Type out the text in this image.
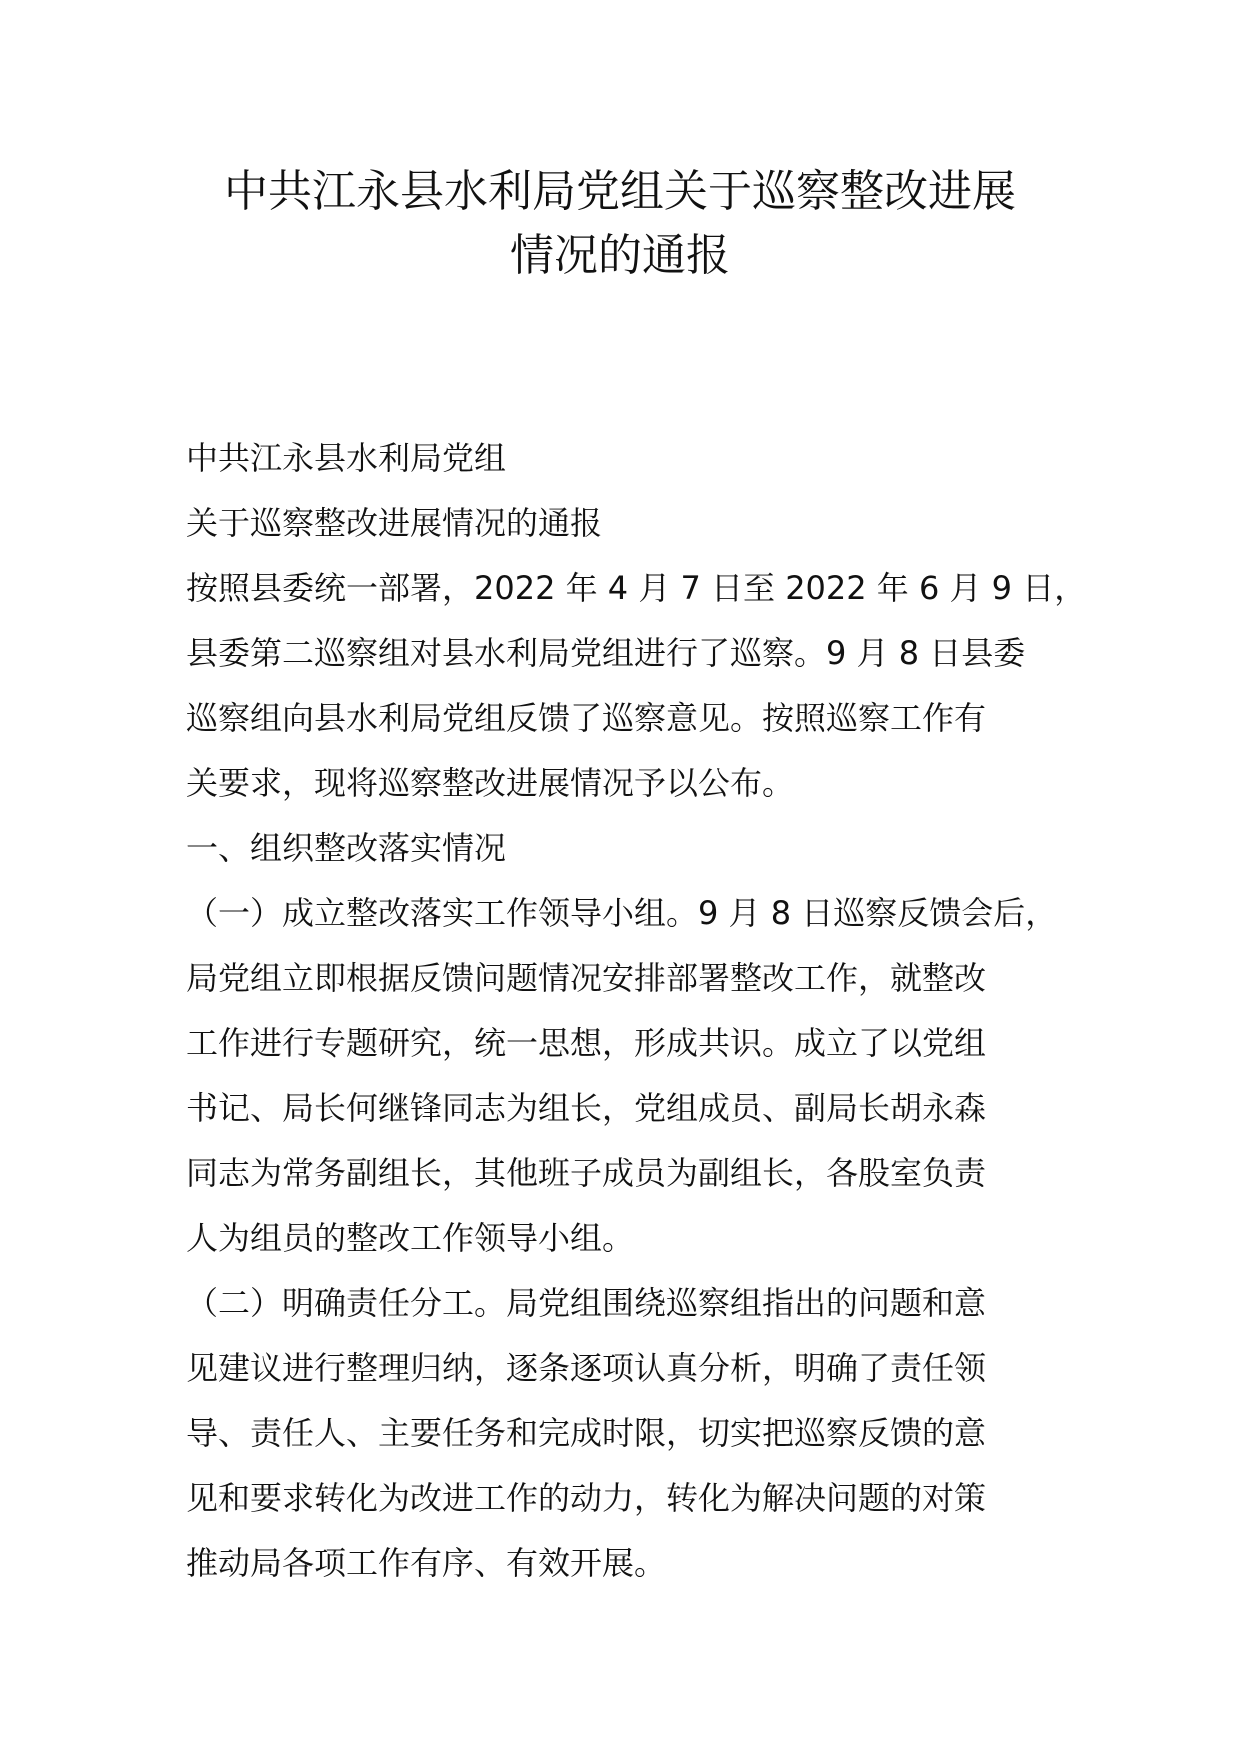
中共江永县水利局党组关于巡察整改进展
情况的通报
中共江永县水利局党组
关于巡察整改进展情况的通报
按照县委统一部署，2022 年 4 月 7 日至 2022 年 6 月 9 日，
县委第二巡察组对县水利局党组进行了巡察。9 月 8 日县委
巡察组向县水利局党组反馈了巡察意见。按照巡察工作有
关要求，现将巡察整改进展情况予以公布。
一、组织整改落实情况
（一）成立整改落实工作领导小组。9 月 8 日巡察反馈会后，
局党组立即根据反馈问题情况安排部署整改工作，就整改
工作进行专题研究，统一思想，形成共识。成立了以党组
书记、局长何继锋同志为组长，党组成员、副局长胡永森
同志为常务副组长，其他班子成员为副组长，各股室负责
人为组员的整改工作领导小组。
（二）明确责任分工。局党组围绕巡察组指出的问题和意
见建议进行整理归纳，逐条逐项认真分析，明确了责任领
导、责任人、主要任务和完成时限，切实把巡察反馈的意
见和要求转化为改进工作的动力，转化为解决问题的对策
推动局各项工作有序、有效开展。
